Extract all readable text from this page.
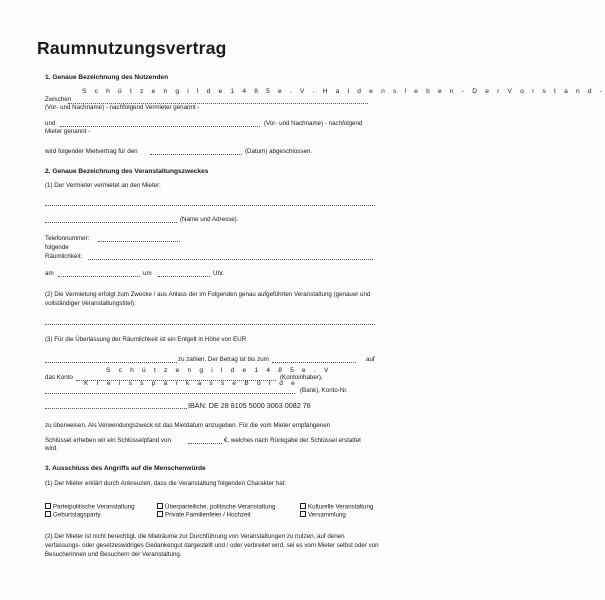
Raumnutzungsvertrag
1. Genaue Bezeichnung des Nutzenden
S c h ü t z e n g i l d e 1 4 8 5 e . V . H a l d e n s l e b e n - D e r V o r s t a n d -
Zwischen
(Vor- und Nachname) - nachfolgend Vermieter genannt -
und	(Vor- und Nachname) - nachfolgend
Mieter genannt -
wird folgender Mietvertrag für den	(Datum) abgeschlossen.
2. Genaue Bezeichnung des Veranstaltungszweckes
(1) Der Vermieter vermietet an den Mieter:
(Name und Adresse).
Telefonnummer:
folgende
Räumlichkeit:
am	um	Uhr.
(2) Die Vermietung erfolgt zum Zwecke / aus Anlass der im Folgenden genau aufgeführten Veranstaltung (genauer und vollständiger Veranstaltungstitel):
(3) Für die Überlassung der Räumlichkeit ist ein Entgelt in Höhe von EUR
zu zahlen. Der Betrag ist bis zum	auf
S c h ü t z e n g i l d e 1 4 8 5 e . V
das Konto	(Kontoinhaber),
K r e i s s p a r k a s s e B ö r d e
(Bank), Konto-Nr.
IBAN: DE 28 8105 5000 3003 0082 76
zu überweisen. Als Verwendungszweck ist das Mietdatum anzugeben. Für die vom Mieter empfangenen
Schlüssel erheben wir ein Schlüsselpfand von	€, welches nach Rückgabe der Schlüssel erstattet
wird.
3. Ausschluss des Angriffs auf die Menschenwürde
(1) Der Mieter erklärt durch Ankreuzen, dass die Veranstaltung folgenden Charakter hat:
Parteipolitische Veranstaltung	Überparteiliche, politische Veranstaltung	Kulturelle Veranstaltung
Geburtstagsparty	Private Familienfeier / Hochzeit	Versammlung
(2) Der Mieter ist nicht berechtigt, die Mieträume zur Durchführung von Veranstaltungen zu nutzen, auf denen verfassungs- oder gesetzeswidriges Gedankengut dargestellt und / oder verbreitet wird, sei es vom Mieter selbst oder von Besucherinnen und Besuchern der Veranstaltung.
